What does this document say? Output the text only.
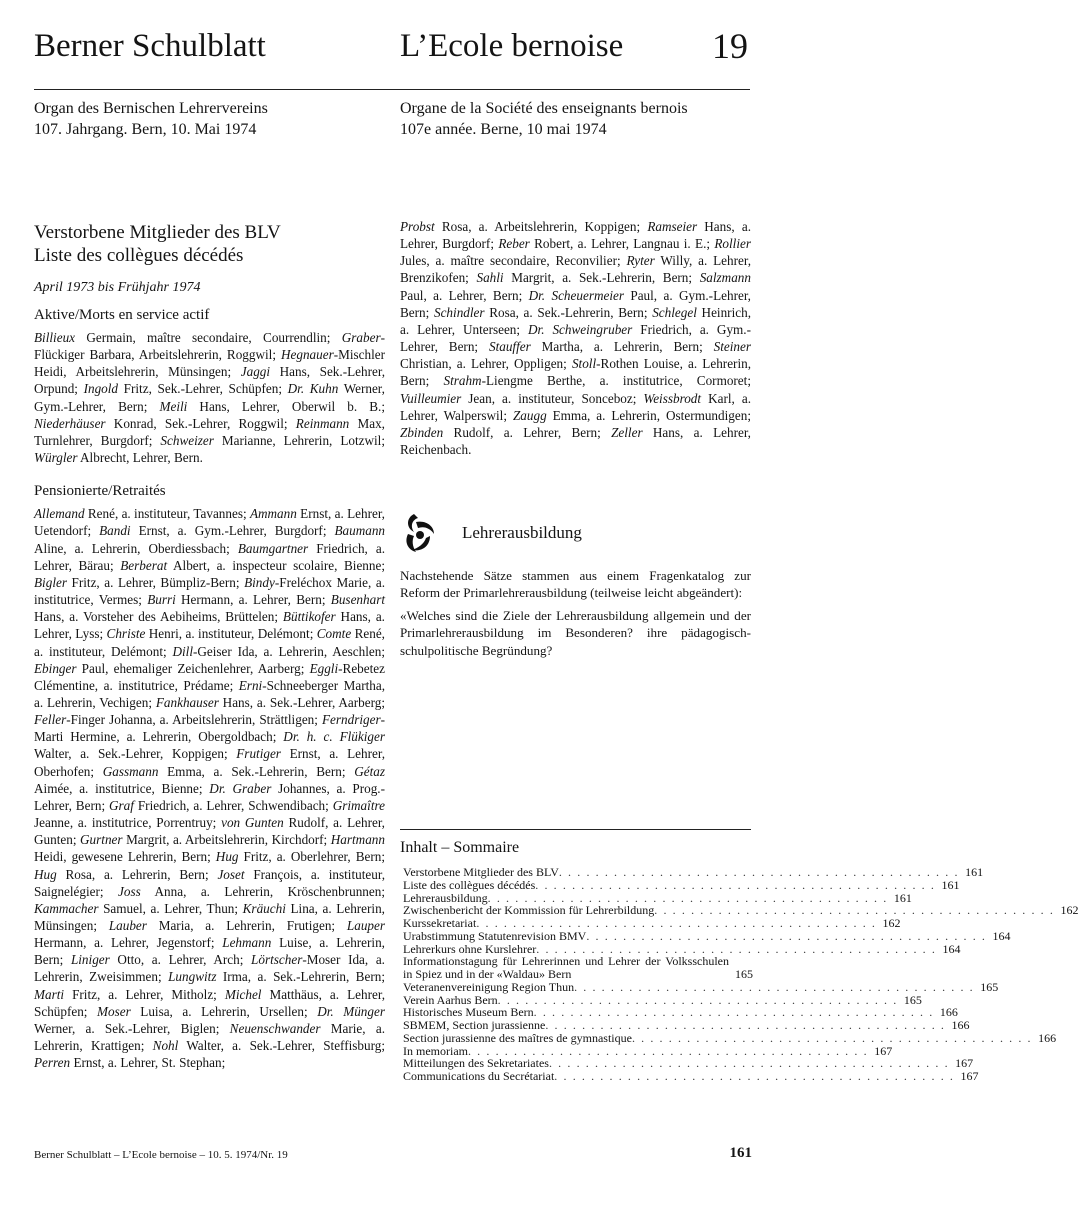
Berner Schulblatt	L’Ecole bernoise 19
Organ des Bernischen Lehrervereins
107. Jahrgang. Bern, 10. Mai 1974
Organe de la Société des enseignants bernois
107e année. Berne, 10 mai 1974
Verstorbene Mitglieder des BLV
Liste des collègues décédés
April 1973 bis Frühjahr 1974
Aktive/Morts en service actif

Billieux Germain, maître secondaire, Courrendlin; Graber-Flückiger Barbara, Arbeitslehrerin, Roggwil; Hegnauer-Mischler Heidi, Arbeitslehrerin, Münsingen; Jaggi Hans, Sek.-Lehrer, Orpund; Ingold Fritz, Sek.-Lehrer, Schüpfen; Dr. Kuhn Werner, Gym.-Lehrer, Bern; Meili Hans, Lehrer, Oberwil b. B.; Niederhäuser Konrad, Sek.-Lehrer, Roggwil; Reinmann Max, Turnlehrer, Burgdorf; Schweizer Marianne, Lehrerin, Lotzwil; Würgler Albrecht, Lehrer, Bern.

Pensionierte/Retraités

Allemand René, a. instituteur, Tavannes; Ammann Ernst, a. Lehrer, Uetendorf; Bandi Ernst, a. Gym.-Lehrer, Burgdorf; Baumann Aline, a. Lehrerin, Oberdiessbach; Baumgartner Friedrich, a. Lehrer, Bärau; Berberat Albert, a. inspecteur scolaire, Bienne; Bigler Fritz, a. Lehrer, Bümpliz-Bern; Bindy-Freléchox Marie, a. institutrice, Vermes; Burri Hermann, a. Lehrer, Bern; Busenhart Hans, a. Vorsteher des Aebiheims, Brüttelen; Büttikofer Hans, a. Lehrer, Lyss; Christe Henri, a. instituteur, Delémont; Comte René, a. instituteur, Delémont; Dill-Geiser Ida, a. Lehrerin, Aeschlen; Ebinger Paul, ehemaliger Zeichenlehrer, Aarberg; Eggli-Rebetez Clémentine, a. institutrice, Prédame; Erni-Schneeberger Martha, a. Lehrerin, Vechigen; Fankhauser Hans, a. Sek.-Lehrer, Aarberg; Feller-Finger Johanna, a. Arbeitslehrerin, Strättligen; Ferndriger-Marti Hermine, a. Lehrerin, Obergoldbach; Dr. h. c. Flükiger Walter, a. Sek.-Lehrer, Koppigen; Frutiger Ernst, a. Lehrer, Oberhofen; Gassmann Emma, a. Sek.-Lehrerin, Bern; Gétaz Aimée, a. institutrice, Bienne; Dr. Graber Johannes, a. Prog.-Lehrer, Bern; Graf Friedrich, a. Lehrer, Schwendibach; Grimaître Jeanne, a. institutrice, Porrentruy; von Gunten Rudolf, a. Lehrer, Gunten; Gurtner Margrit, a. Arbeitslehrerin, Kirchdorf; Hartmann Heidi, gewesene Lehrerin, Bern; Hug Fritz, a. Oberlehrer, Bern; Hug Rosa, a. Lehrerin, Bern; Joset François, a. instituteur, Saignelégier; Joss Anna, a. Lehrerin, Kröschenbrunnen; Kammacher Samuel, a. Lehrer, Thun; Kräuchi Lina, a. Lehrerin, Münsingen; Lauber Maria, a. Lehrerin, Frutigen; Lauper Hermann, a. Lehrer, Jegenstorf; Lehmann Luise, a. Lehrerin, Bern; Liniger Otto, a. Lehrer, Arch; Lörtscher-Moser Ida, a. Lehrerin, Zweisimmen; Lungwitz Irma, a. Sek.-Lehrerin, Bern; Marti Fritz, a. Lehrer, Mitholz; Michel Matthäus, a. Lehrer, Schüpfen; Moser Luisa, a. Lehrerin, Ursellen; Dr. Münger Werner, a. Sek.-Lehrer, Biglen; Neuenschwander Marie, a. Lehrerin, Krattigen; Nohl Walter, a. Sek.-Lehrer, Steffisburg; Perren Ernst, a. Lehrer, St. Stephan;

Probst Rosa, a. Arbeitslehrerin, Koppigen; Ramseier Hans, a. Lehrer, Burgdorf; Reber Robert, a. Lehrer, Langnau i. E.; Rollier Jules, a. maître secondaire, Reconvilier; Ryter Willy, a. Lehrer, Brenzikofen; Sahli Margrit, a. Sek.-Lehrerin, Bern; Salzmann Paul, a. Lehrer, Bern; Dr. Scheuermeier Paul, a. Gym.-Lehrer, Bern; Schindler Rosa, a. Sek.-Lehrerin, Bern; Schlegel Heinrich, a. Lehrer, Unterseen; Dr. Schweingruber Friedrich, a. Gym.-Lehrer, Bern; Stauffer Martha, a. Lehrerin, Bern; Steiner Christian, a. Lehrer, Oppligen; Stoll-Rothen Louise, a. Lehrerin, Bern; Strahm-Liengme Berthe, a. institutrice, Cormoret; Vuilleumier Jean, a. instituteur, Sonceboz; Weissbrodt Karl, a. Lehrer, Walperswil; Zaugg Emma, a. Lehrerin, Ostermundigen; Zbinden Rudolf, a. Lehrer, Bern; Zeller Hans, a. Lehrer, Reichenbach.

Lehrerausbildung

Nachstehende Sätze stammen aus einem Fragenkatalog zur Reform der Primarlehrerausbildung (teilweise leicht abgeändert):

«Welches sind die Ziele der Lehrerausbildung allgemein und der Primarlehrerausbildung im Besonderen? ihre pädagogisch-schulpolitische Begründung?

Inhalt – Sommaire
Verstorbene Mitglieder des BLV . . . . . . . . . . . . . . . . . . . . . . . . . . . . . . . . . . . . . . . . . . . . 161
Liste des collègues décédés . . . . . . . . . . . . . . . . . . . . . . . . . . . . . . . . . . . . . . . . . . . . 161
Lehrerausbildung . . . . . . . . . . . . . . . . . . . . . . . . . . . . . . . . . . . . . . . . . . . . 161
Zwischenbericht der Kommission für Lehrerbildung . . . . . . . . . . . . . . . . . . . . . . . . . . . . . . . . . . . . . . . . . . . . 162
Kurssekretariat . . . . . . . . . . . . . . . . . . . . . . . . . . . . . . . . . . . . . . . . . . . . 162
Urabstimmung Statutenrevision BMV . . . . . . . . . . . . . . . . . . . . . . . . . . . . . . . . . . . . . . . . . . . . 164
Lehrerkurs ohne Kurslehrer . . . . . . . . . . . . . . . . . . . . . . . . . . . . . . . . . . . . . . . . . . . . 164
Informationstagung für Lehrerinnen und Lehrer der Volksschulen in Spiez und in der «Waldau» Bern	165
Veteranenvereinigung Region Thun . . . . . . . . . . . . . . . . . . . . . . . . . . . . . . . . . . . . . . . . . . . . 165
Verein Aarhus Bern . . . . . . . . . . . . . . . . . . . . . . . . . . . . . . . . . . . . . . . . . . . . 165
Historisches Museum Bern . . . . . . . . . . . . . . . . . . . . . . . . . . . . . . . . . . . . . . . . . . . . 166
SBMEM, Section jurassienne . . . . . . . . . . . . . . . . . . . . . . . . . . . . . . . . . . . . . . . . . . . . 166
Section jurassienne des maîtres de gymnastique . . . . . . . . . . . . . . . . . . . . . . . . . . . . . . . . . . . . . . . . . . . . 166
In memoriam . . . . . . . . . . . . . . . . . . . . . . . . . . . . . . . . . . . . . . . . . . . . 167
Mitteilungen des Sekretariates . . . . . . . . . . . . . . . . . . . . . . . . . . . . . . . . . . . . . . . . . . . . 167
Communications du Secrétariat . . . . . . . . . . . . . . . . . . . . . . . . . . . . . . . . . . . . . . . . . . . . 167
Berner Schulblatt – L’Ecole bernoise – 10. 5. 1974/Nr. 19	161
